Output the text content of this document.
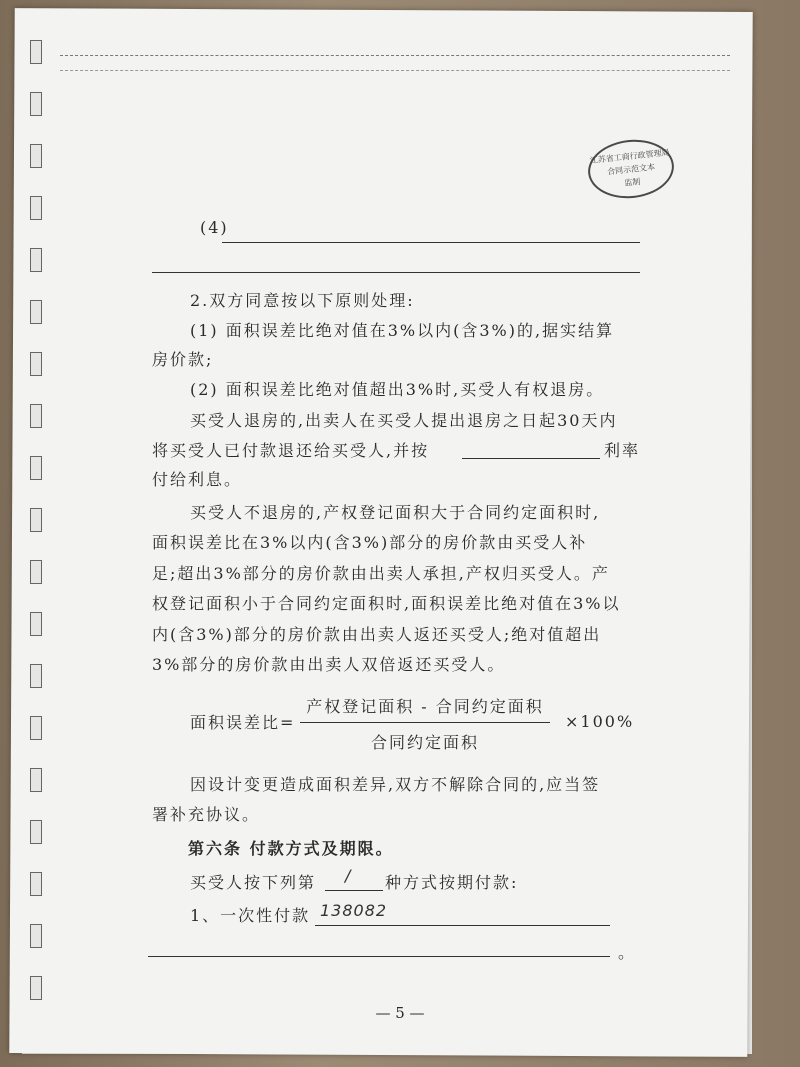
江苏省工商行政管理局
合同示范文本
监制
(4)
2.双方同意按以下原则处理:
(1) 面积误差比绝对值在3%以内(含3%)的,据实结算
房价款;
(2) 面积误差比绝对值超出3%时,买受人有权退房。
买受人退房的,出卖人在买受人提出退房之日起30天内
将买受人已付款退还给买受人,并按	利率
付给利息。
买受人不退房的,产权登记面积大于合同约定面积时,
面积误差比在3%以内(含3%)部分的房价款由买受人补
足;超出3%部分的房价款由出卖人承担,产权归买受人。产
权登记面积小于合同约定面积时,面积误差比绝对值在3%以
内(含3%)部分的房价款由出卖人返还买受人;绝对值超出
3%部分的房价款由出卖人双倍返还买受人。
面积误差比=
产权登记面积 - 合同约定面积
合同约定面积
×100%
因设计变更造成面积差异,双方不解除合同的,应当签
署补充协议。
第六条 付款方式及期限。
买受人按下列第 / 种方式按期付款:
1、一次性付款 138082
。
— 5 —
